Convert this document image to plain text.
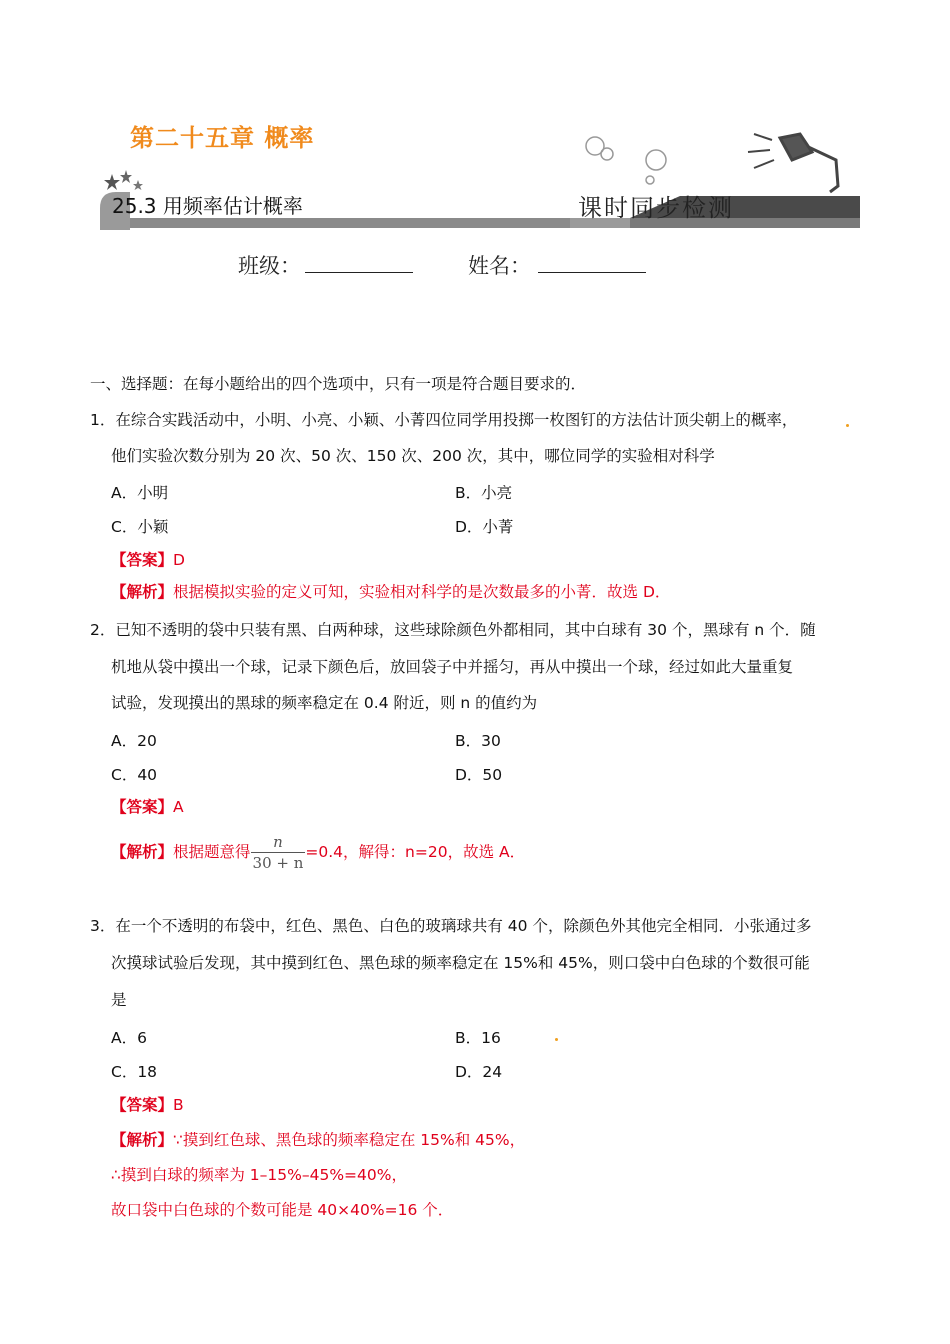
第二十五章 概率
25.3 用频率估计概率	课时同步检测
班级：	姓名：
一、选择题：在每小题给出的四个选项中，只有一项是符合题目要求的．
1．在综合实践活动中，小明、小亮、小颖、小菁四位同学用投掷一枚图钉的方法估计顶尖朝上的概率，
他们实验次数分别为 20 次、50 次、150 次、200 次，其中，哪位同学的实验相对科学
A．小明	B．小亮
C．小颖	D．小菁
【答案】D
【解析】根据模拟实验的定义可知，实验相对科学的是次数最多的小菁．故选 D．
2．已知不透明的袋中只装有黑、白两种球，这些球除颜色外都相同，其中白球有 30 个，黑球有 n 个．随
机地从袋中摸出一个球，记录下颜色后，放回袋子中并摇匀，再从中摸出一个球，经过如此大量重复
试验，发现摸出的黑球的频率稳定在 0.4 附近，则 n 的值约为
A．20	B．30
C．40	D．50
【答案】A
【解析】根据题意得 $\frac{n}{30 + n} =0.4$，解得：n=20，故选 A．
3．在一个不透明的布袋中，红色、黑色、白色的玻璃球共有 40 个，除颜色外其他完全相同．小张通过多
次摸球试验后发现，其中摸到红色、黑色球的频率稳定在 15%和 45%，则口袋中白色球的个数很可能
是
A．6	B．16
C．18	D．24
【答案】B
【解析】∵摸到红色球、黑色球的频率稳定在 15%和 45%，
∴摸到白球的频率为 1–15%–45%=40%，
故口袋中白色球的个数可能是 40×40%=16 个．
